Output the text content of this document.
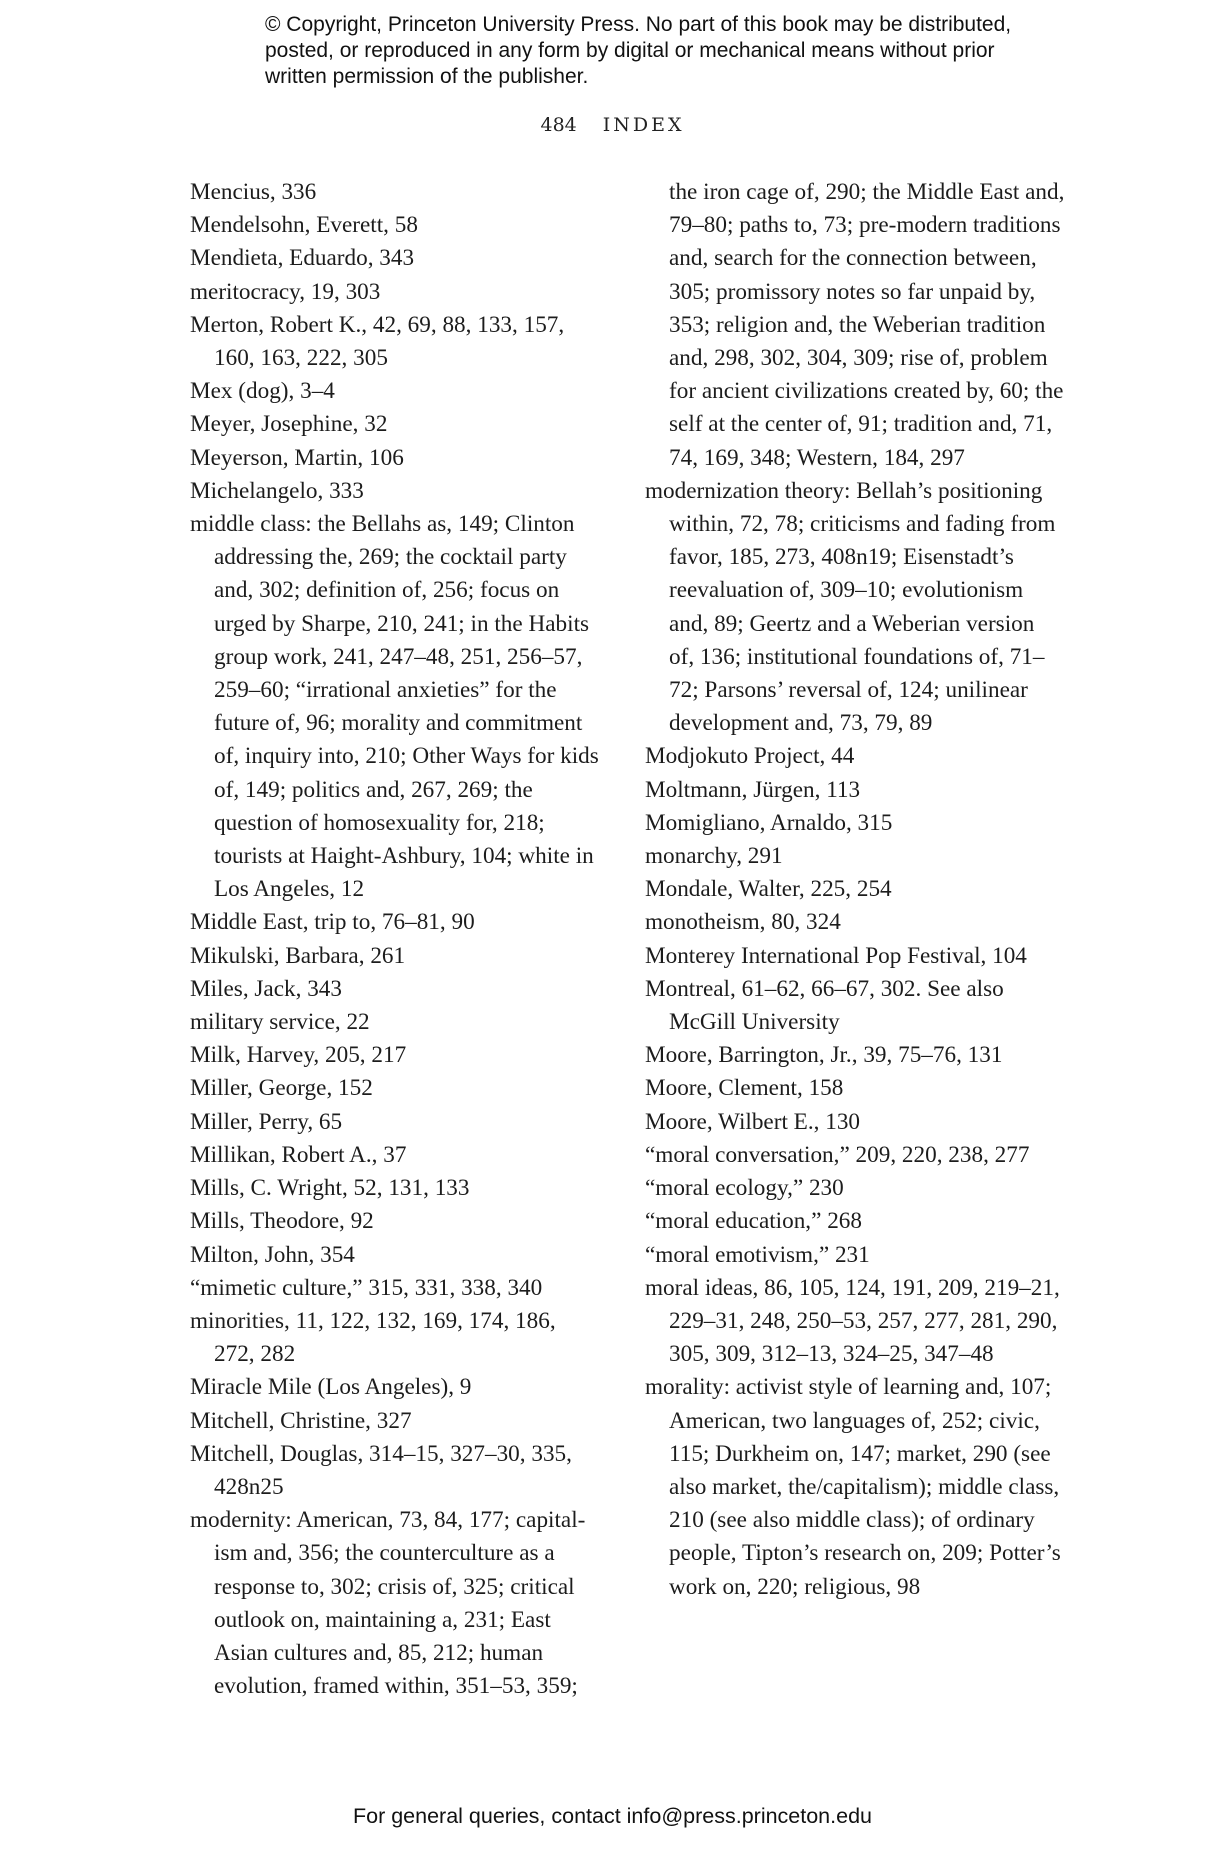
© Copyright, Princeton University Press. No part of this book may be distributed, posted, or reproduced in any form by digital or mechanical means without prior written permission of the publisher.
484 INDEX

Mencius, 336

Mendelsohn, Everett, 58

Mendieta, Eduardo, 343

meritocracy, 19, 303

Merton, Robert K., 42, 69, 88, 133, 157, 160, 163, 222, 305

Mex (dog), 3–4

Meyer, Josephine, 32

Meyerson, Martin, 106

Michelangelo, 333

middle class: the Bellahs as, 149; Clinton addressing the, 269; the cocktail party and, 302; definition of, 256; focus on urged by Sharpe, 210, 241; in the Habits group work, 241, 247–48, 251, 256–57, 259–60; “irrational anxieties” for the future of, 96; morality and commitment of, inquiry into, 210; Other Ways for kids of, 149; politics and, 267, 269; the question of homosexuality for, 218; tourists at Haight-Ashbury, 104; white in Los Angeles, 12

Middle East, trip to, 76–81, 90

Mikulski, Barbara, 261

Miles, Jack, 343

military service, 22

Milk, Harvey, 205, 217

Miller, George, 152

Miller, Perry, 65

Millikan, Robert A., 37

Mills, C. Wright, 52, 131, 133

Mills, Theodore, 92

Milton, John, 354

“mimetic culture,” 315, 331, 338, 340

minorities, 11, 122, 132, 169, 174, 186, 272, 282

Miracle Mile (Los Angeles), 9

Mitchell, Christine, 327

Mitchell, Douglas, 314–15, 327–30, 335, 428n25

modernity: American, 73, 84, 177; capital-ism and, 356; the counterculture as a response to, 302; crisis of, 325; critical outlook on, maintaining a, 231; East Asian cultures and, 85, 212; human evolution, framed within, 351–53, 359;

the iron cage of, 290; the Middle East and, 79–80; paths to, 73; pre-modern traditions and, search for the connection between, 305; promissory notes so far unpaid by, 353; religion and, the Weberian tradition and, 298, 302, 304, 309; rise of, problem for ancient civilizations created by, 60; the self at the center of, 91; tradition and, 71, 74, 169, 348; Western, 184, 297

modernization theory: Bellah’s positioning within, 72, 78; criticisms and fading from favor, 185, 273, 408n19; Eisenstadt’s reevaluation of, 309–10; evolutionism and, 89; Geertz and a Weberian version of, 136; institutional foundations of, 71–72; Parsons’ reversal of, 124; unilinear development and, 73, 79, 89

Modjokuto Project, 44

Moltmann, Jürgen, 113

Momigliano, Arnaldo, 315

monarchy, 291

Mondale, Walter, 225, 254

monotheism, 80, 324

Monterey International Pop Festival, 104

Montreal, 61–62, 66–67, 302. See also McGill University

Moore, Barrington, Jr., 39, 75–76, 131

Moore, Clement, 158

Moore, Wilbert E., 130

“moral conversation,” 209, 220, 238, 277

“moral ecology,” 230

“moral education,” 268

“moral emotivism,” 231

moral ideas, 86, 105, 124, 191, 209, 219–21, 229–31, 248, 250–53, 257, 277, 281, 290, 305, 309, 312–13, 324–25, 347–48

morality: activist style of learning and, 107; American, two languages of, 252; civic, 115; Durkheim on, 147; market, 290 (see also market, the/capitalism); middle class, 210 (see also middle class); of ordinary people, Tipton’s research on, 209; Potter’s work on, 220; religious, 98

For general queries, contact info@press.princeton.edu
